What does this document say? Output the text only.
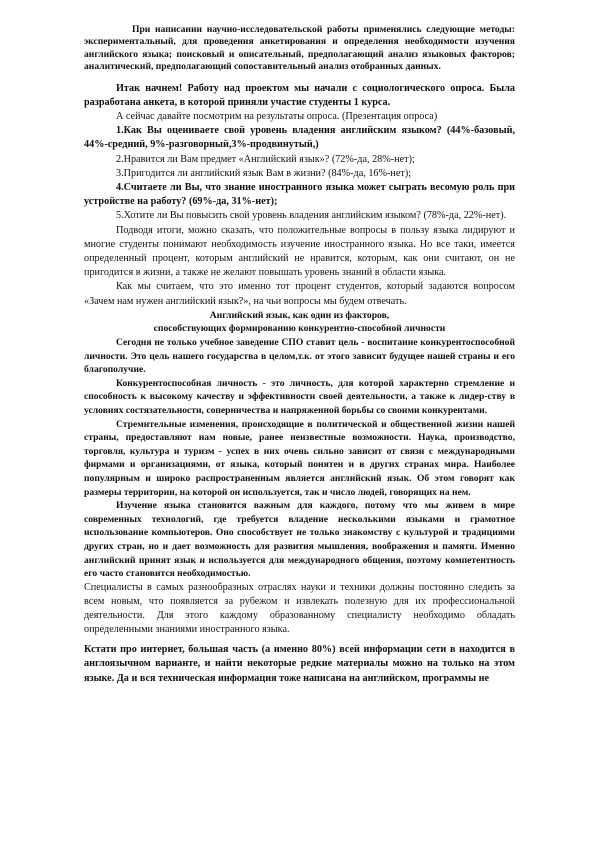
При написании научно-исследовательской работы применялись следующие методы: экспериментальный, для проведения анкетирования и определения необходимости изучения английского языка; поисковый и описательный, предполагающий анализ языковых факторов; аналитический, предполагающий сопоставительный анализ отобранных данных.

Итак начнем! Работу над проектом мы начали с социологического опроса. Была разработана анкета, в которой приняли участие студенты 1 курса.

А сейчас давайте посмотрим на результаты опроса. (Презентация опроса)

1.Как Вы оцениваете свой уровень владения английским языком? (44%-базовый, 44%-средний, 9%-разговорный,3%-продвинутый,)

2.Нравится ли Вам предмет «Английский язык»? (72%-да, 28%-нет);

3.Пригодится ли английский язык Вам в жизни? (84%-да, 16%-нет);

4.Считаете ли Вы, что знание иностранного языка может сыграть весомую роль при устройстве на работу? (69%-да, 31%-нет);

5.Хотите ли Вы повысить свой уровень владения английским языком? (78%-да, 22%-нет).

Подводя итоги, можно сказать, что положительные вопросы в пользу языка лидируют и многие студенты понимают необходимость изучение иностранного языка. Но все таки, имеется определенный процент, которым английский не нравится, которым, как они считают, он не пригодится в жизни, а также не желают повышать уровень знаний в области языка.

Как мы считаем, что это именно тот процент студентов, который задаются вопросом «Зачем нам нужен английский язык?», на чьи вопросы мы будем отвечать.

Английский язык, как один из факторов,

способствующих формированию конкурентно-способной личности

Сегодня не только учебное заведение СПО ставит цель - воспитание конкурентоспособной личности. Это цель нашего государства в целом,т.к. от этого зависит будущее нашей страны и его благополучие.

Конкурентоспособная личность - это личность, для которой характерно стремление и способность к высокому качеству и эффективности своей деятельности, а также к лидер-ству в условиях состязательности, соперничества и напряженной борьбы со своими конкурентами.

Стремительные изменения, происходящие в политической и общественной жизни нашей страны, предоставляют нам новые, ранее неизвестные возможности. Наука, производство, торговля, культура и туризм - успех в них очень сильно зависит от связи с международными фирмами и организациями, от языка, который понятен и в других странах мира. Наиболее популярным и широко распространенным является английский язык. Об этом говорят как размеры территории, на которой он используется, так и число людей, говорящих на нем.

Изучение языка становится важным для каждого, потому что мы живем в мире современных технологий, где требуется владение несколькими языками и грамотное использование компьютеров. Оно способствует не только знакомству с культурой и традициями других стран, но и дает возможность для развития мышления, воображения и памяти. Именно английский принят язык и используется для международного общения, поэтому компетентность его часто становится необходимостью.

Специалисты в самых разнообразных отраслях науки и техники должны постоянно следить за всем новым, что появляется за рубежом и извлекать полезную для их профессиональной деятельности. Для этого каждому образованному специалисту необходимо обладать определенными знаниями иностранного языка.

Кстати про интернет, большая часть (а именно 80%) всей информации сети в находится в англоязычном варианте, и найти некоторые редкие материалы можно на только на этом языке. Да и вся техническая информация тоже написана на английском, программы не
